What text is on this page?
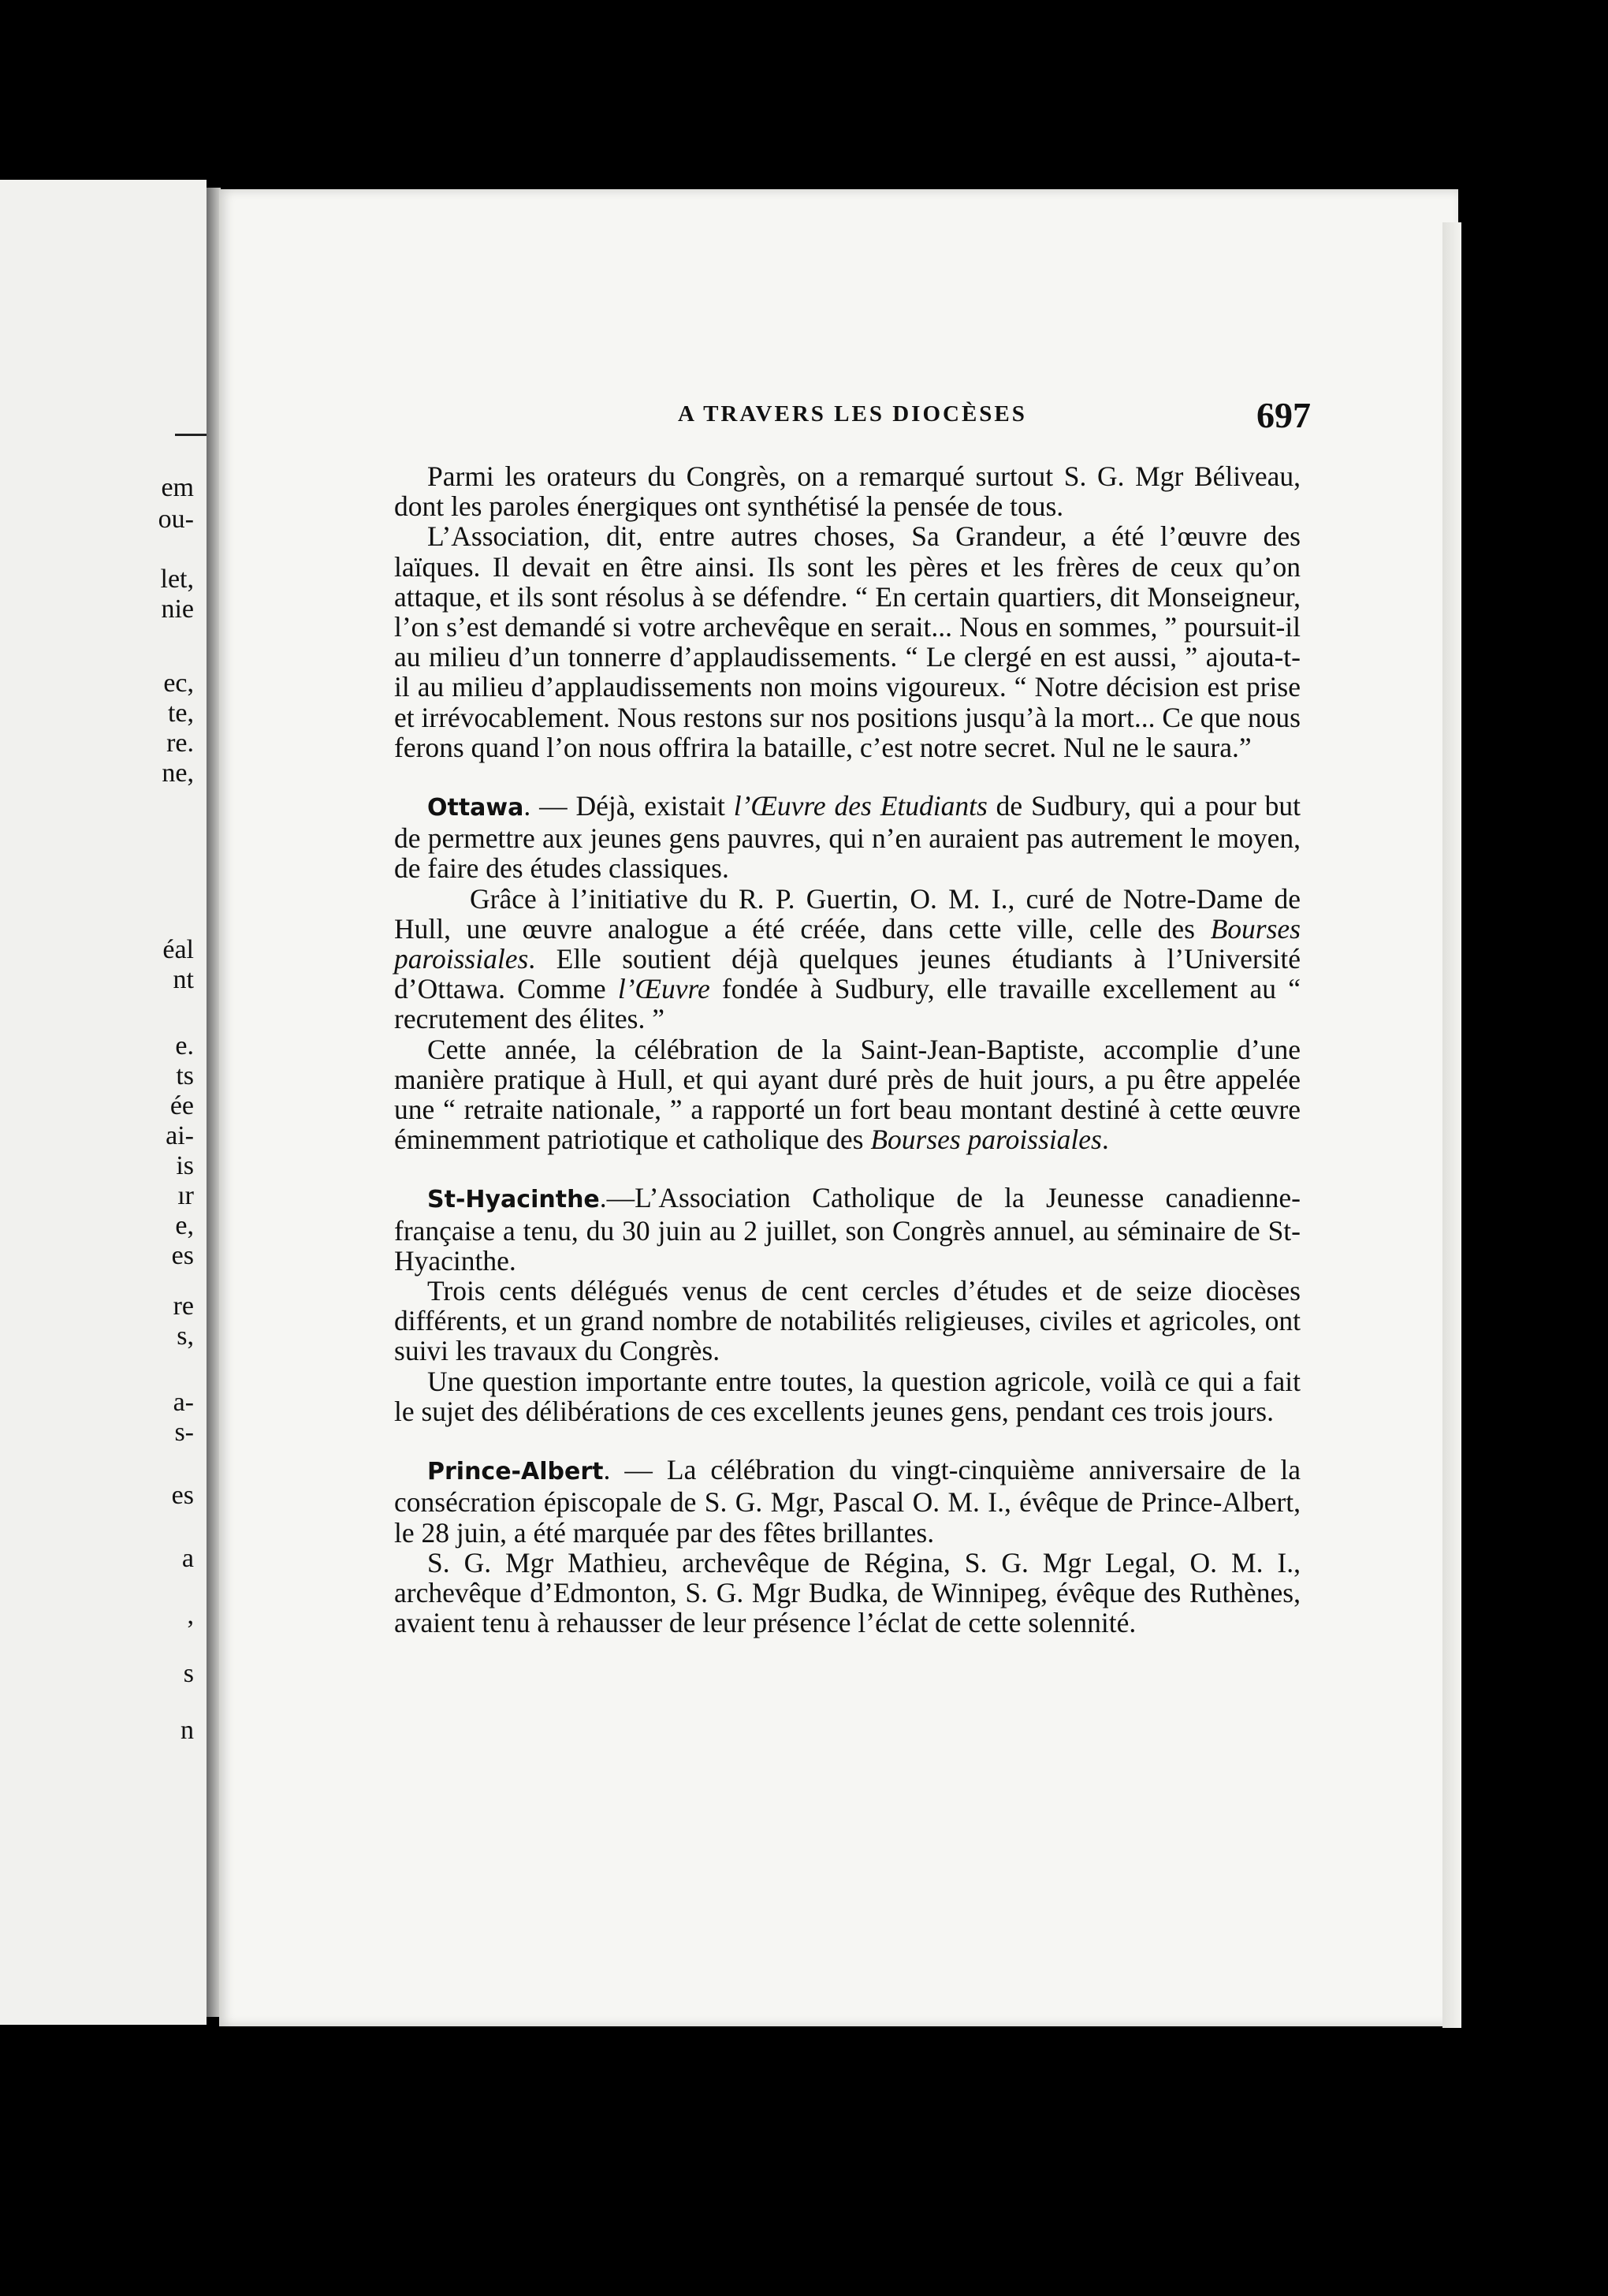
em
ou-
let,
nie
ec,
te,
re.
ne,
éal
nt
e.
ts
ée
ai-
is
ır
e,
es
re
s,
a-
s-
es
a
,
s
n
A TRAVERS LES DIOCÈSES	697

Parmi les orateurs du Congrès, on a remarqué surtout S. G. Mgr Béliveau, dont les paroles énergiques ont synthétisé la pensée de tous.

L’Association, dit, entre autres choses, Sa Grandeur, a été l’œuvre des laïques. Il devait en être ainsi. Ils sont les pères et les frères de ceux qu’on attaque, et ils sont résolus à se défendre. “ En certain quartiers, dit Monseigneur, l’on s’est demandé si votre archevêque en serait... Nous en sommes, ” poursuit-il au milieu d’un tonnerre d’applaudissements. “ Le clergé en est aussi, ” ajouta-t-il au milieu d’applaudissements non moins vigoureux. “ Notre décision est prise et irrévocablement. Nous restons sur nos positions jusqu’à la mort... Ce que nous ferons quand l’on nous offrira la bataille, c’est notre secret. Nul ne le saura.”

Ottawa. — Déjà, existait l’Œuvre des Etudiants de Sudbury, qui a pour but de permettre aux jeunes gens pauvres, qui n’en auraient pas autrement le moyen, de faire des études classiques.

Grâce à l’initiative du R. P. Guertin, O. M. I., curé de Notre-Dame de Hull, une œuvre analogue a été créée, dans cette ville, celle des Bourses paroissiales. Elle soutient déjà quelques jeunes étudiants à l’Université d’Ottawa. Comme l’Œuvre fondée à Sudbury, elle travaille excellement au “ recrutement des élites. ”

Cette année, la célébration de la Saint-Jean-Baptiste, accomplie d’une manière pratique à Hull, et qui ayant duré près de huit jours, a pu être appelée une “ retraite nationale, ” a rapporté un fort beau montant destiné à cette œuvre éminemment patriotique et catholique des Bourses paroissiales.

St-Hyacinthe.—L’Association Catholique de la Jeunesse canadienne-française a tenu, du 30 juin au 2 juillet, son Congrès annuel, au séminaire de St-Hyacinthe.

Trois cents délégués venus de cent cercles d’études et de seize diocèses différents, et un grand nombre de notabilités religieuses, civiles et agricoles, ont suivi les travaux du Congrès.

Une question importante entre toutes, la question agricole, voilà ce qui a fait le sujet des délibérations de ces excellents jeunes gens, pendant ces trois jours.

Prince-Albert. — La célébration du vingt-cinquième anniversaire de la consécration épiscopale de S. G. Mgr, Pascal O. M. I., évêque de Prince-Albert, le 28 juin, a été marquée par des fêtes brillantes.

S. G. Mgr Mathieu, archevêque de Régina, S. G. Mgr Legal, O. M. I., archevêque d’Edmonton, S. G. Mgr Budka, de Winnipeg, évêque des Ruthènes, avaient tenu à rehausser de leur présence l’éclat de cette solennité.
